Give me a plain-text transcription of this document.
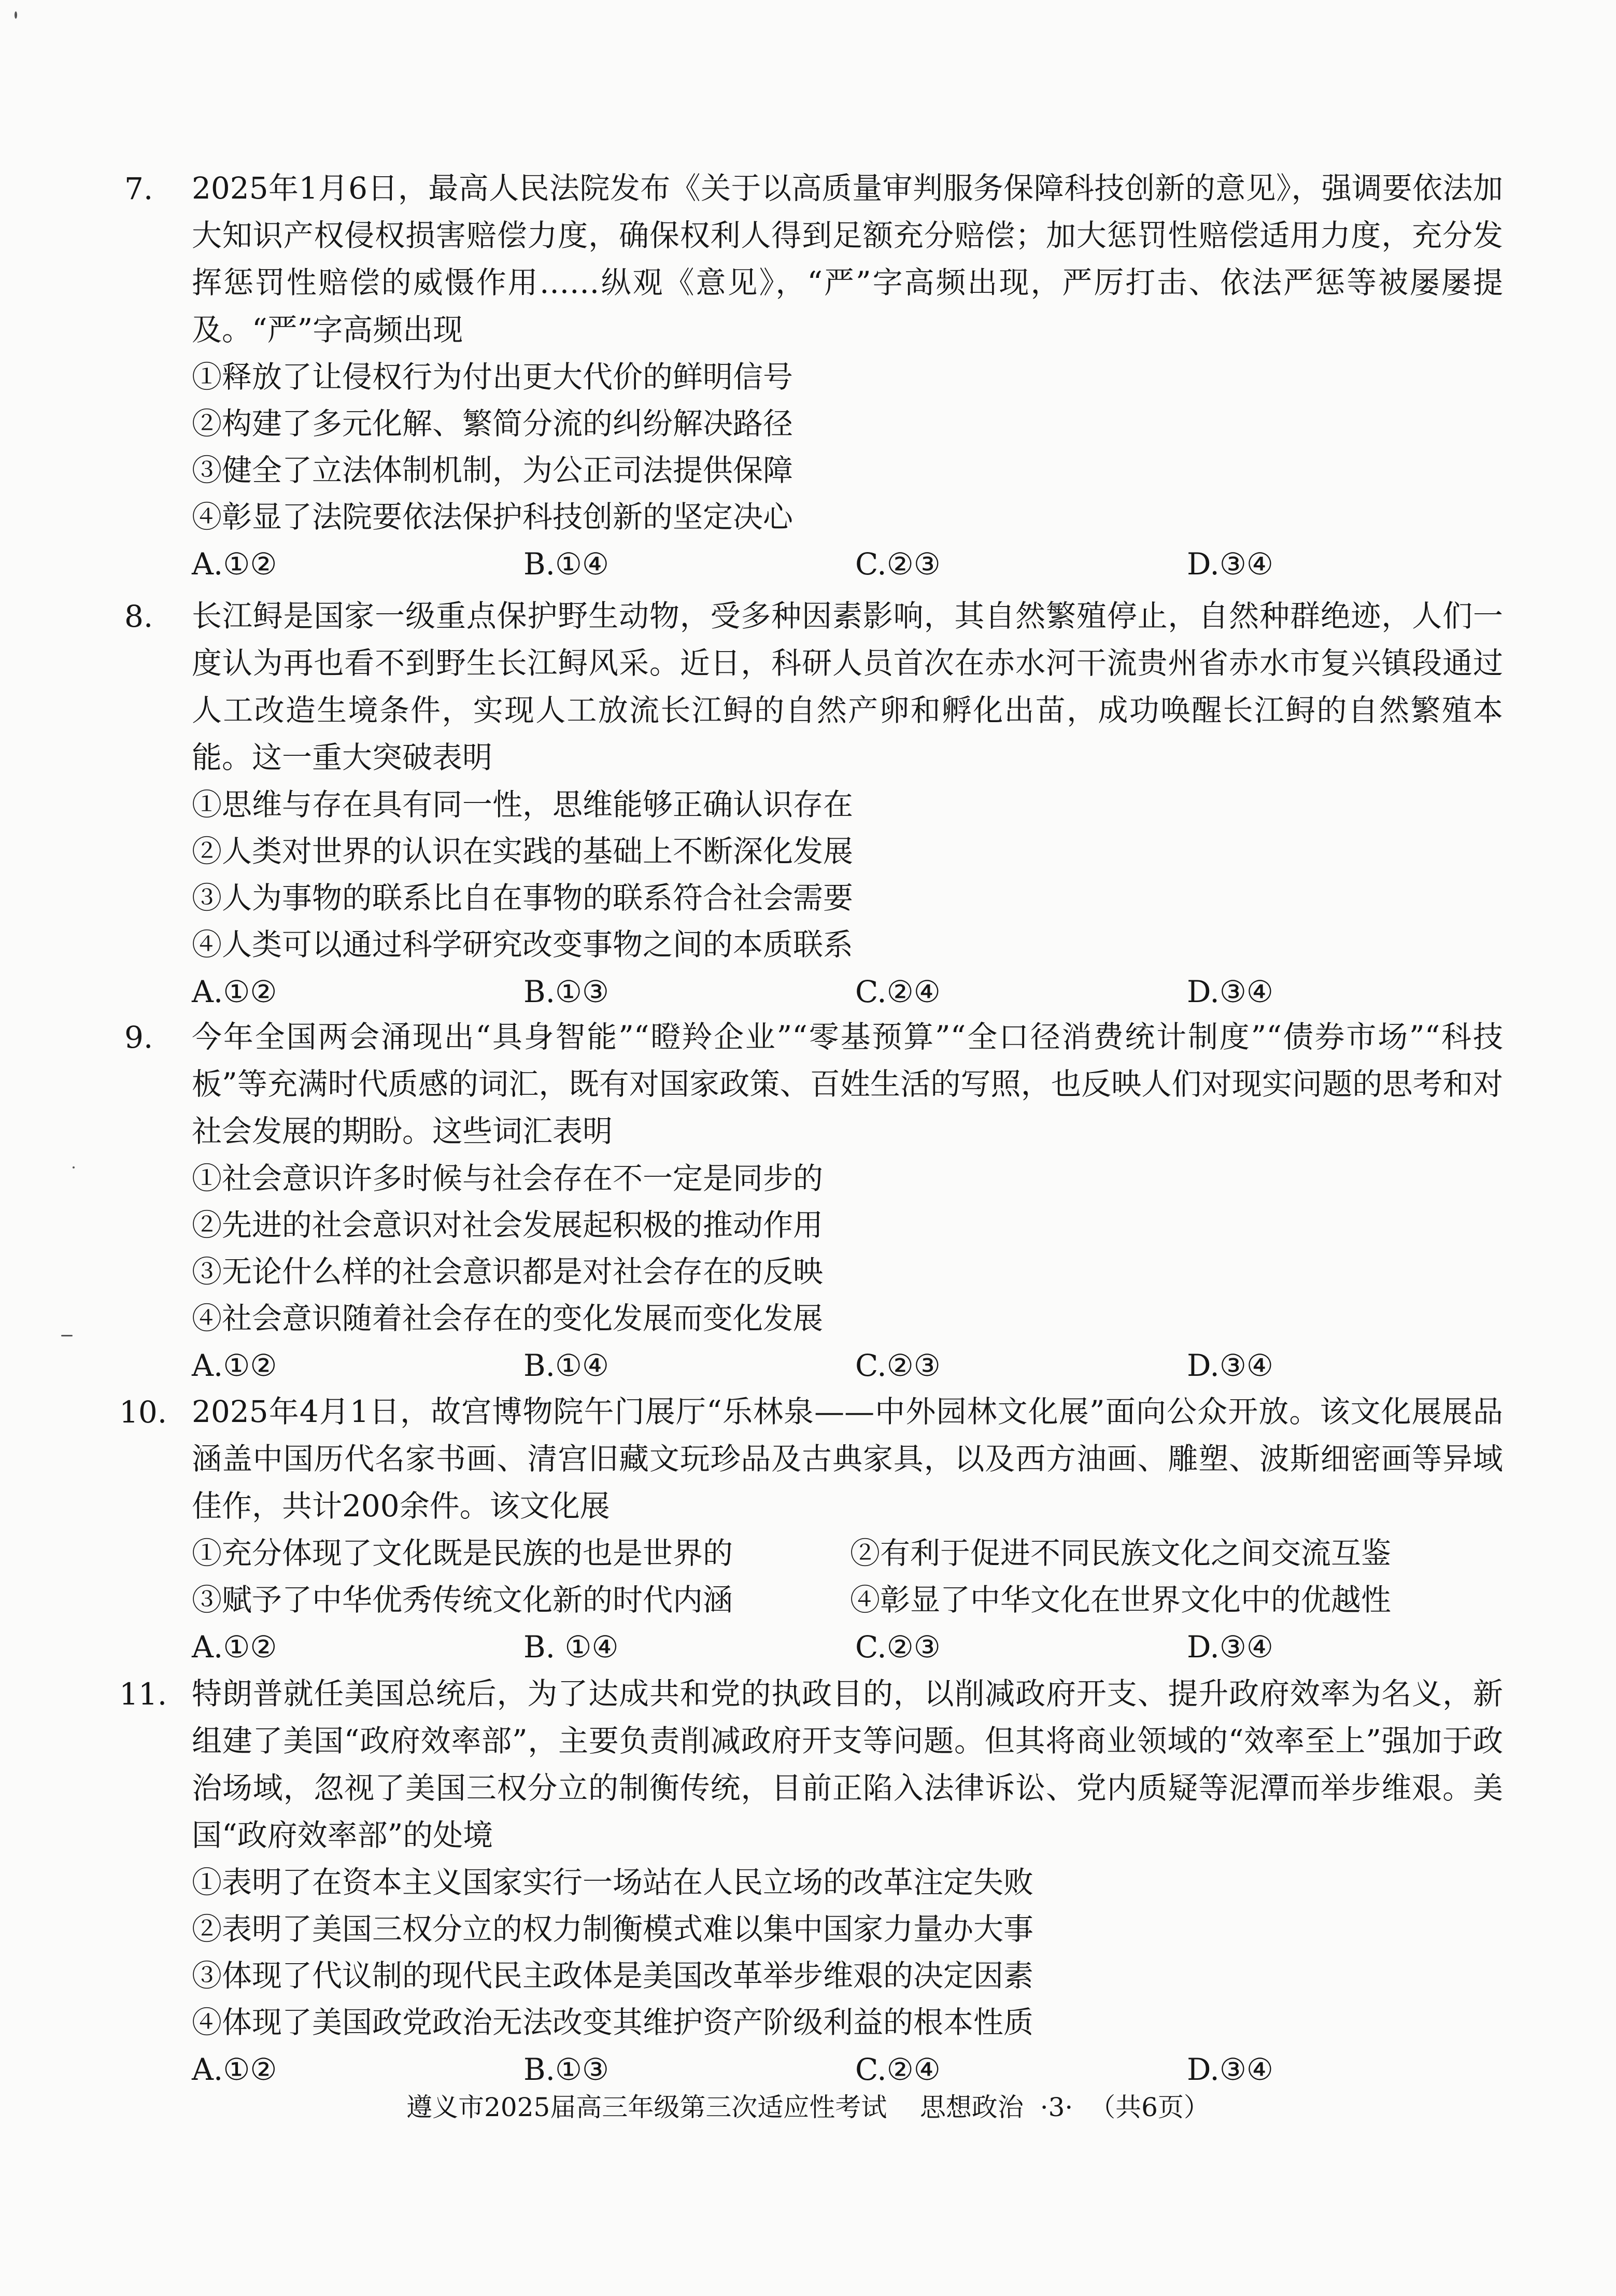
7. 2025年1月6日，最高人民法院发布《关于以高质量审判服务保障科技创新的意见》，强调要依法加大知识产权侵权损害赔偿力度，确保权利人得到足额充分赔偿；加大惩罚性赔偿适用力度，充分发挥惩罚性赔偿的威慑作用……纵观《意见》，“严”字高频出现，严厉打击、依法严惩等被屡屡提及。“严”字高频出现

①释放了让侵权行为付出更大代价的鲜明信号

②构建了多元化解、繁简分流的纠纷解决路径

③健全了立法体制机制，为公正司法提供保障

④彰显了法院要依法保护科技创新的坚定决心

A.①②	B.①④	C.②③	D.③④
8. 长江鲟是国家一级重点保护野生动物，受多种因素影响，其自然繁殖停止，自然种群绝迹，人们一度认为再也看不到野生长江鲟风采。近日，科研人员首次在赤水河干流贵州省赤水市复兴镇段通过人工改造生境条件，实现人工放流长江鲟的自然产卵和孵化出苗，成功唤醒长江鲟的自然繁殖本能。这一重大突破表明

①思维与存在具有同一性，思维能够正确认识存在

②人类对世界的认识在实践的基础上不断深化发展

③人为事物的联系比自在事物的联系符合社会需要

④人类可以通过科学研究改变事物之间的本质联系

A.①②	B.①③	C.②④	D.③④
9. 今年全国两会涌现出“具身智能”“瞪羚企业”“零基预算”“全口径消费统计制度”“债券市场”“科技板”等充满时代质感的词汇，既有对国家政策、百姓生活的写照，也反映人们对现实问题的思考和对社会发展的期盼。这些词汇表明

①社会意识许多时候与社会存在不一定是同步的

②先进的社会意识对社会发展起积极的推动作用

③无论什么样的社会意识都是对社会存在的反映

④社会意识随着社会存在的变化发展而变化发展

A.①②	B.①④	C.②③	D.③④
10. 2025年4月1日，故宫博物院午门展厅“乐林泉——中外园林文化展”面向公众开放。该文化展展品涵盖中国历代名家书画、清宫旧藏文玩珍品及古典家具，以及西方油画、雕塑、波斯细密画等异域佳作，共计200余件。该文化展

①充分体现了文化既是民族的也是世界的	②有利于促进不同民族文化之间交流互鉴

③赋予了中华优秀传统文化新的时代内涵	④彰显了中华文化在世界文化中的优越性

A.①②	B. ①④	C.②③	D.③④
11. 特朗普就任美国总统后，为了达成共和党的执政目的，以削减政府开支、提升政府效率为名义，新组建了美国“政府效率部”，主要负责削减政府开支等问题。但其将商业领域的“效率至上”强加于政治场域，忽视了美国三权分立的制衡传统，目前正陷入法律诉讼、党内质疑等泥潭而举步维艰。美国“政府效率部”的处境

①表明了在资本主义国家实行一场站在人民立场的改革注定失败

②表明了美国三权分立的权力制衡模式难以集中国家力量办大事

③体现了代议制的现代民主政体是美国改革举步维艰的决定因素

④体现了美国政党政治无法改变其维护资产阶级利益的根本性质

A.①②	B.①③	C.②④	D.③④
遵义市2025届高三年级第三次适应性考试 思想政治 ·3· （共6页）
